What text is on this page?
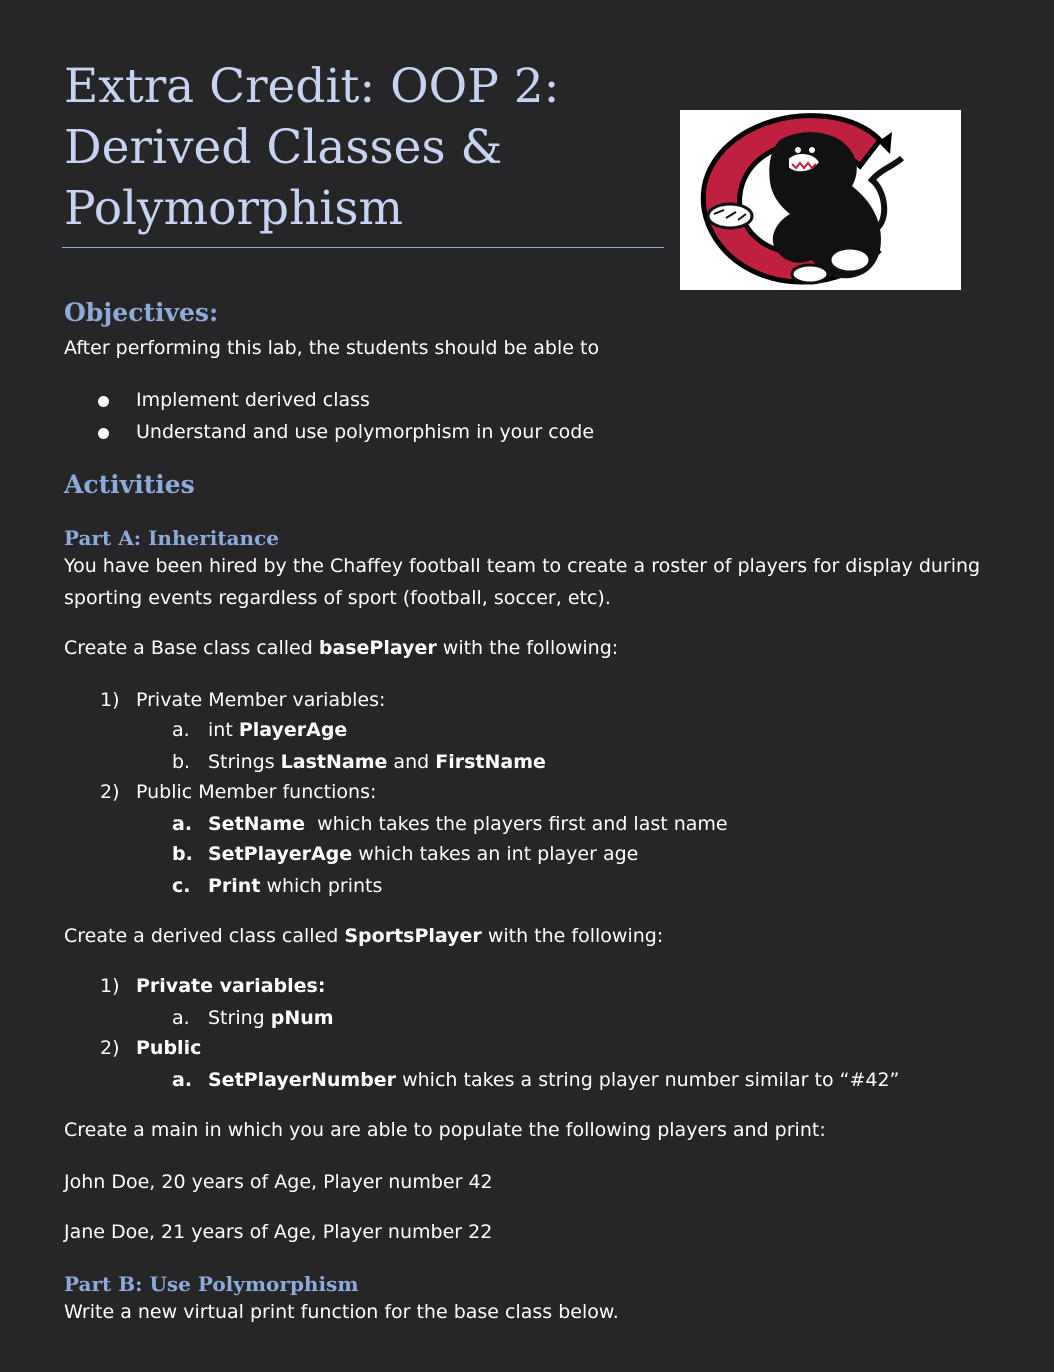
Extra Credit: OOP 2:
Derived Classes &
Polymorphism
Objectives:

After performing this lab, the students should be able to

Implement derived class
Understand and use polymorphism in your code
Activities
Part A: Inheritance

You have been hired by the Chaffey football team to create a roster of players for display during

sporting events regardless of sport (football, soccer, etc).

Create a Base class called basePlayer with the following:

1) Private Member variables:
a. int PlayerAge
b. Strings LastName and FirstName
2) Public Member functions:
a. SetName  which takes the players first and last name
b. SetPlayerAge which takes an int player age
c. Print which prints

Create a derived class called SportsPlayer with the following:

1) Private variables:
a. String pNum
2) Public
a. SetPlayerNumber which takes a string player number similar to “#42”

Create a main in which you are able to populate the following players and print:

John Doe, 20 years of Age, Player number 42

Jane Doe, 21 years of Age, Player number 22

Part B: Use Polymorphism

Write a new virtual print function for the base class below.
